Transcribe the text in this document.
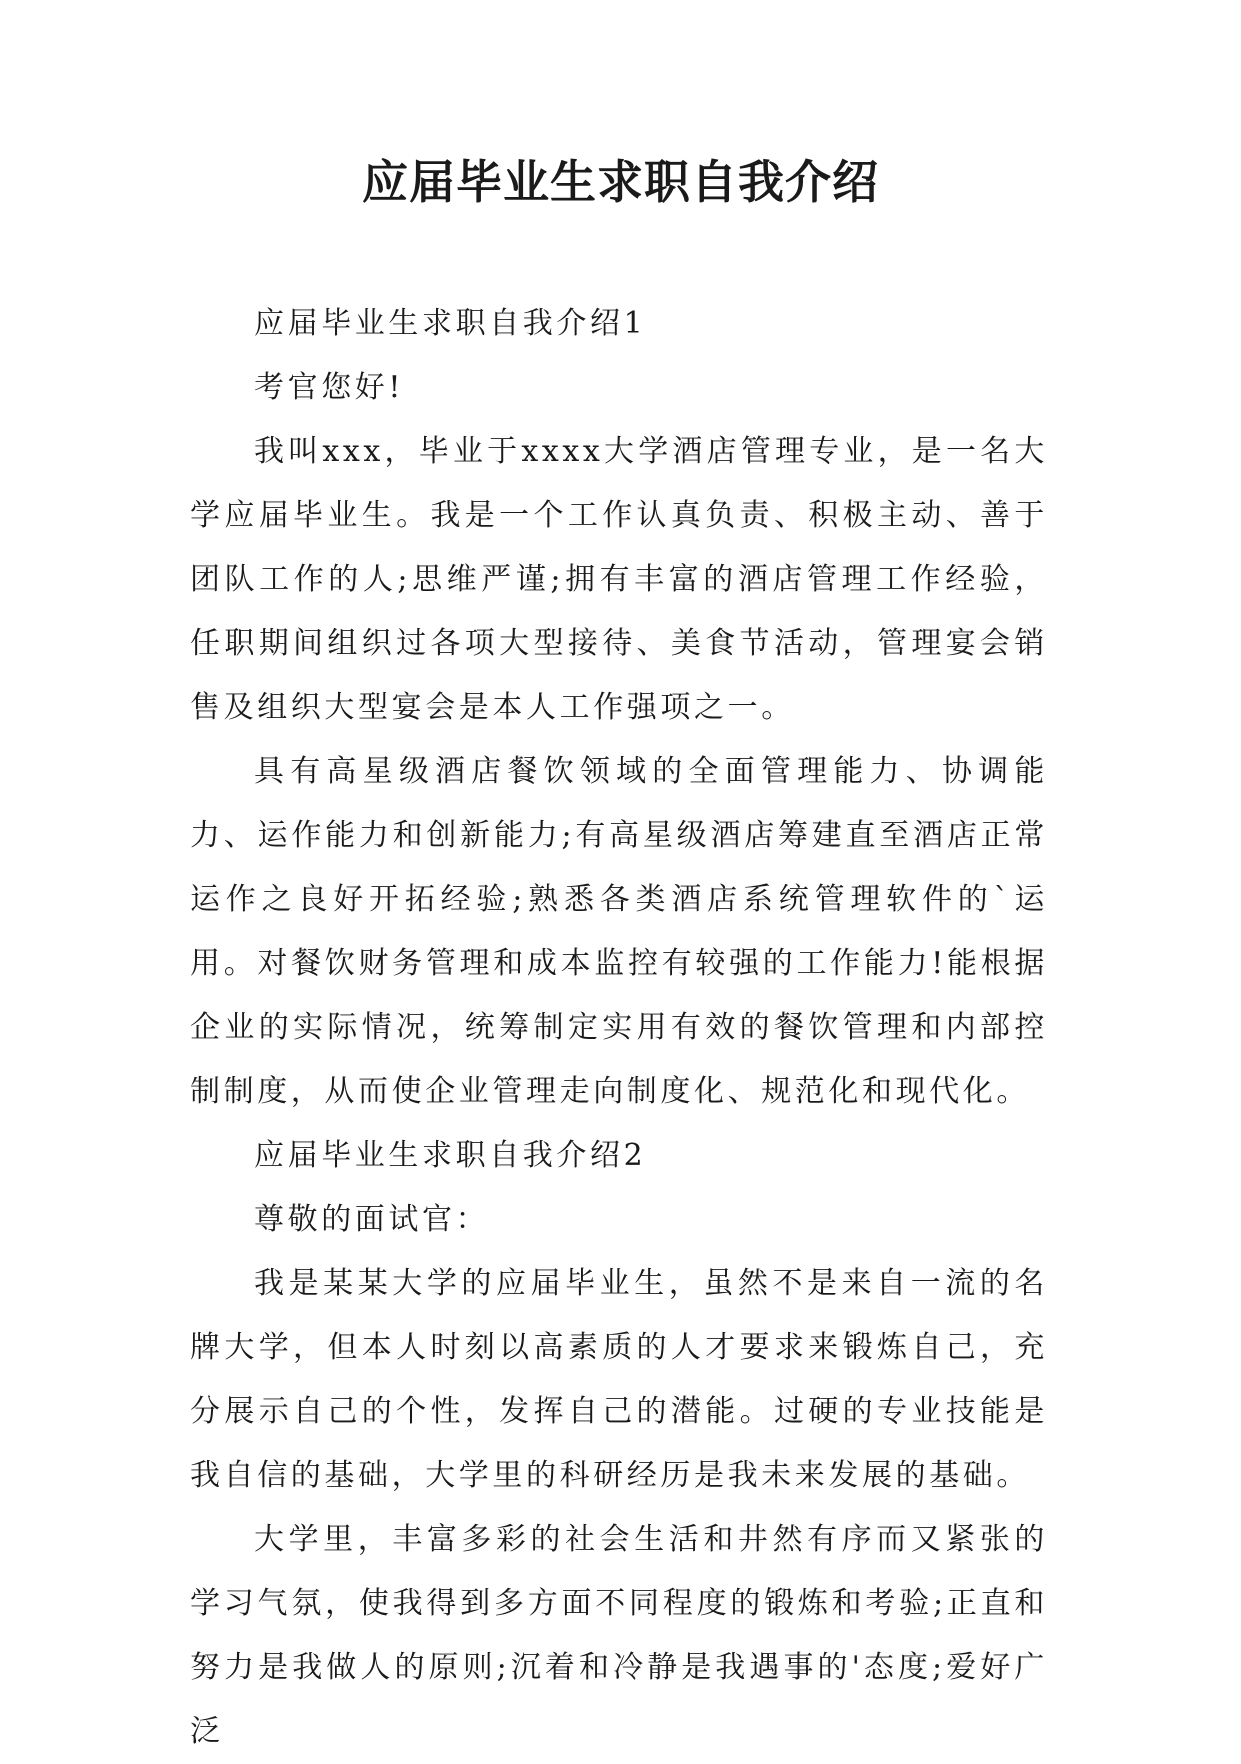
应届毕业生求职自我介绍

应届毕业生求职自我介绍1

考官您好!

我叫xxx，毕业于xxxx大学酒店管理专业，是一名大学应届毕业生。我是一个工作认真负责、积极主动、善于团队工作的人;思维严谨;拥有丰富的酒店管理工作经验，任职期间组织过各项大型接待、美食节活动，管理宴会销售及组织大型宴会是本人工作强项之一。

具有高星级酒店餐饮领域的全面管理能力、协调能力、运作能力和创新能力;有高星级酒店筹建直至酒店正常运作之良好开拓经验;熟悉各类酒店系统管理软件的`运用。对餐饮财务管理和成本监控有较强的工作能力!能根据企业的实际情况，统筹制定实用有效的餐饮管理和内部控制制度，从而使企业管理走向制度化、规范化和现代化。

应届毕业生求职自我介绍2

尊敬的面试官：

我是某某大学的应届毕业生，虽然不是来自一流的名牌大学，但本人时刻以高素质的人才要求来锻炼自己，充分展示自己的个性，发挥自己的潜能。过硬的专业技能是我自信的基础，大学里的科研经历是我未来发展的基础。

大学里，丰富多彩的社会生活和井然有序而又紧张的学习气氛，使我得到多方面不同程度的锻炼和考验;正直和努力是我做人的原则;沉着和冷静是我遇事的'态度;爱好广泛
